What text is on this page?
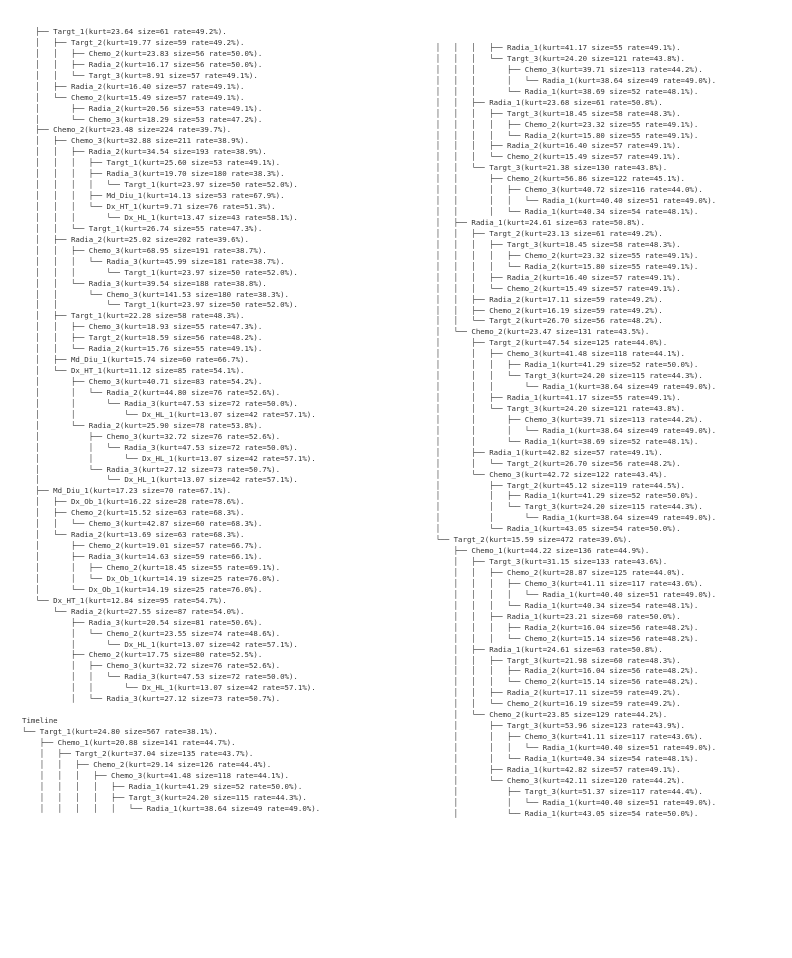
├── Targt_1(kurt=23.64 size=61 rate=49.2%).
│   ├── Targt_2(kurt=19.77 size=59 rate=49.2%).
│   │   ├── Chemo_2(kurt=23.83 size=56 rate=50.0%).
│   │   ├── Radia_2(kurt=16.17 size=56 rate=50.0%).
│   │   └── Targt_3(kurt=8.91 size=57 rate=49.1%).
│   ├── Radia_2(kurt=16.40 size=57 rate=49.1%).
│   └── Chemo_2(kurt=15.49 size=57 rate=49.1%).
│       ├── Radia_2(kurt=20.56 size=53 rate=49.1%).
│       └── Chemo_3(kurt=18.29 size=53 rate=47.2%).
├── Chemo_2(kurt=23.48 size=224 rate=39.7%).
│   ├── Chemo_3(kurt=32.88 size=211 rate=38.9%).
│   │   ├── Radia_2(kurt=34.54 size=193 rate=38.9%).
│   │   │   ├── Targt_1(kurt=25.60 size=53 rate=49.1%).
│   │   │   ├── Radia_3(kurt=19.70 size=180 rate=38.3%).
│   │   │   │   └── Targt_1(kurt=23.97 size=50 rate=52.0%).
│   │   │   ├── Md_Diu_1(kurt=14.13 size=53 rate=67.9%).
│   │   │   └── Dx_HT_1(kurt=9.71 size=76 rate=51.3%).
│   │   │       └── Dx_HL_1(kurt=13.47 size=43 rate=58.1%).
│   │   └── Targt_1(kurt=26.74 size=55 rate=47.3%).
│   ├── Radia_2(kurt=25.02 size=202 rate=39.6%).
│   │   ├── Chemo_3(kurt=68.95 size=191 rate=38.7%).
│   │   │   └── Radia_3(kurt=45.99 size=181 rate=38.7%).
│   │   │       └── Targt_1(kurt=23.97 size=50 rate=52.0%).
│   │   └── Radia_3(kurt=39.54 size=188 rate=38.8%).
│   │       └── Chemo_3(kurt=141.53 size=180 rate=38.3%).
│   │           └── Targt_1(kurt=23.97 size=50 rate=52.0%).
│   ├── Targt_1(kurt=22.28 size=58 rate=48.3%).
│   │   ├── Chemo_3(kurt=18.93 size=55 rate=47.3%).
│   │   ├── Targt_2(kurt=18.59 size=56 rate=48.2%).
│   │   └── Radia_2(kurt=15.76 size=55 rate=49.1%).
│   ├── Md_Diu_1(kurt=15.74 size=60 rate=66.7%).
│   └── Dx_HT_1(kurt=11.12 size=85 rate=54.1%).
│       ├── Chemo_3(kurt=40.71 size=83 rate=54.2%).
│       │   └── Radia_2(kurt=44.80 size=76 rate=52.6%).
│       │       └── Radia_3(kurt=47.53 size=72 rate=50.0%).
│       │           └── Dx_HL_1(kurt=13.07 size=42 rate=57.1%).
│       └── Radia_2(kurt=25.90 size=78 rate=53.8%).
│           ├── Chemo_3(kurt=32.72 size=76 rate=52.6%).
│           │   └── Radia_3(kurt=47.53 size=72 rate=50.0%).
│           │       └── Dx_HL_1(kurt=13.07 size=42 rate=57.1%).
│           └── Radia_3(kurt=27.12 size=73 rate=50.7%).
│               └── Dx_HL_1(kurt=13.07 size=42 rate=57.1%).
├── Md_Diu_1(kurt=17.23 size=70 rate=67.1%).
│   ├── Dx_Ob_1(kurt=16.22 size=28 rate=78.6%).
│   ├── Chemo_2(kurt=15.52 size=63 rate=68.3%).
│   │   └── Chemo_3(kurt=42.87 size=60 rate=68.3%).
│   └── Radia_2(kurt=13.69 size=63 rate=68.3%).
│       ├── Chemo_2(kurt=19.01 size=57 rate=66.7%).
│       ├── Radia_3(kurt=14.63 size=59 rate=66.1%).
│       │   ├── Chemo_2(kurt=18.45 size=55 rate=69.1%).
│       │   └── Dx_Ob_1(kurt=14.19 size=25 rate=76.0%).
│       └── Dx_Ob_1(kurt=14.19 size=25 rate=76.0%).
└── Dx_HT_1(kurt=12.84 size=95 rate=54.7%).
└── Radia_2(kurt=27.55 size=87 rate=54.0%).
├── Radia_3(kurt=20.54 size=81 rate=50.6%).
│   └── Chemo_2(kurt=23.55 size=74 rate=48.6%).
│       └── Dx_HL_1(kurt=13.07 size=42 rate=57.1%).
├── Chemo_2(kurt=17.75 size=80 rate=52.5%).
│   ├── Chemo_3(kurt=32.72 size=76 rate=52.6%).
│   │   └── Radia_3(kurt=47.53 size=72 rate=50.0%).
│   │       └── Dx_HL_1(kurt=13.07 size=42 rate=57.1%).
│   └── Radia_3(kurt=27.12 size=73 rate=50.7%).
Timeline
└── Targt_1(kurt=24.80 size=567 rate=38.1%).
├── Chemo_1(kurt=20.88 size=141 rate=44.7%).
│   ├── Targt_2(kurt=37.04 size=135 rate=43.7%).
│   │   ├── Chemo_2(kurt=29.14 size=126 rate=44.4%).
│   │   │   ├── Chemo_3(kurt=41.48 size=118 rate=44.1%).
│   │   │   │   ├── Radia_1(kurt=41.29 size=52 rate=50.0%).
│   │   │   │   ├── Targt_3(kurt=24.20 size=115 rate=44.3%).
│   │   │   │   │   └── Radia_1(kurt=38.64 size=49 rate=49.0%).
│   │   │   ├── Radia_1(kurt=41.17 size=55 rate=49.1%).
│   │   │   └── Targt_3(kurt=24.20 size=121 rate=43.8%).
│   │   │       ├── Chemo_3(kurt=39.71 size=113 rate=44.2%).
│   │   │       │   └── Radia_1(kurt=38.64 size=49 rate=49.0%).
│   │   │       └── Radia_1(kurt=38.69 size=52 rate=48.1%).
│   │   ├── Radia_1(kurt=23.68 size=61 rate=50.8%).
│   │   │   ├── Targt_3(kurt=18.45 size=58 rate=48.3%).
│   │   │   │   ├── Chemo_2(kurt=23.32 size=55 rate=49.1%).
│   │   │   │   └── Radia_2(kurt=15.80 size=55 rate=49.1%).
│   │   │   ├── Radia_2(kurt=16.40 size=57 rate=49.1%).
│   │   │   └── Chemo_2(kurt=15.49 size=57 rate=49.1%).
│   │   └── Targt_3(kurt=21.38 size=130 rate=43.8%).
│   │       ├── Chemo_2(kurt=56.86 size=122 rate=45.1%).
│   │       │   ├── Chemo_3(kurt=40.72 size=116 rate=44.0%).
│   │       │   │   └── Radia_1(kurt=40.40 size=51 rate=49.0%).
│   │       │   └── Radia_1(kurt=40.34 size=54 rate=48.1%).
│   ├── Radia_1(kurt=24.61 size=63 rate=50.8%).
│   │   ├── Targt_2(kurt=23.13 size=61 rate=49.2%).
│   │   │   ├── Targt_3(kurt=18.45 size=58 rate=48.3%).
│   │   │   │   ├── Chemo_2(kurt=23.32 size=55 rate=49.1%).
│   │   │   │   └── Radia_2(kurt=15.80 size=55 rate=49.1%).
│   │   │   ├── Radia_2(kurt=16.40 size=57 rate=49.1%).
│   │   │   └── Chemo_2(kurt=15.49 size=57 rate=49.1%).
│   │   ├── Radia_2(kurt=17.11 size=59 rate=49.2%).
│   │   ├── Chemo_2(kurt=16.19 size=59 rate=49.2%).
│   │   └── Targt_2(kurt=26.70 size=56 rate=48.2%).
│   └── Chemo_2(kurt=23.47 size=131 rate=43.5%).
│       ├── Targt_2(kurt=47.54 size=125 rate=44.0%).
│       │   ├── Chemo_3(kurt=41.48 size=118 rate=44.1%).
│       │   │   ├── Radia_1(kurt=41.29 size=52 rate=50.0%).
│       │   │   └── Targt_3(kurt=24.20 size=115 rate=44.3%).
│       │   │       └── Radia_1(kurt=38.64 size=49 rate=49.0%).
│       │   ├── Radia_1(kurt=41.17 size=55 rate=49.1%).
│       │   └── Targt_3(kurt=24.20 size=121 rate=43.8%).
│       │       ├── Chemo_3(kurt=39.71 size=113 rate=44.2%).
│       │       │   └── Radia_1(kurt=38.64 size=49 rate=49.0%).
│       │       └── Radia_1(kurt=38.69 size=52 rate=48.1%).
│       ├── Radia_1(kurt=42.82 size=57 rate=49.1%).
│       │   └── Targt_2(kurt=26.70 size=56 rate=48.2%).
│       └── Chemo_3(kurt=42.72 size=122 rate=43.4%).
│           ├── Targt_2(kurt=45.12 size=119 rate=44.5%).
│           │   ├── Radia_1(kurt=41.29 size=52 rate=50.0%).
│           │   └── Targt_3(kurt=24.20 size=115 rate=44.3%).
│           │       └── Radia_1(kurt=38.64 size=49 rate=49.0%).
│           └── Radia_1(kurt=43.05 size=54 rate=50.0%).
└── Targt_2(kurt=15.59 size=472 rate=39.6%).
├── Chemo_1(kurt=44.22 size=136 rate=44.9%).
│   ├── Targt_3(kurt=31.15 size=133 rate=43.6%).
│   │   ├── Chemo_2(kurt=28.87 size=125 rate=44.0%).
│   │   │   ├── Chemo_3(kurt=41.11 size=117 rate=43.6%).
│   │   │   │   └── Radia_1(kurt=40.40 size=51 rate=49.0%).
│   │   │   └── Radia_1(kurt=40.34 size=54 rate=48.1%).
│   │   ├── Radia_1(kurt=23.21 size=60 rate=50.0%).
│   │   │   ├── Radia_2(kurt=16.04 size=56 rate=48.2%).
│   │   │   └── Chemo_2(kurt=15.14 size=56 rate=48.2%).
│   ├── Radia_1(kurt=24.61 size=63 rate=50.8%).
│   │   ├── Targt_3(kurt=21.98 size=60 rate=48.3%).
│   │   │   ├── Radia_2(kurt=16.04 size=56 rate=48.2%).
│   │   │   └── Chemo_2(kurt=15.14 size=56 rate=48.2%).
│   │   ├── Radia_2(kurt=17.11 size=59 rate=49.2%).
│   │   └── Chemo_2(kurt=16.19 size=59 rate=49.2%).
│   └── Chemo_2(kurt=23.85 size=129 rate=44.2%).
│       ├── Targt_3(kurt=53.96 size=123 rate=43.9%).
│       │   ├── Chemo_3(kurt=41.11 size=117 rate=43.6%).
│       │   │   └── Radia_1(kurt=40.40 size=51 rate=49.0%).
│       │   └── Radia_1(kurt=40.34 size=54 rate=48.1%).
│       ├── Radia_1(kurt=42.82 size=57 rate=49.1%).
│       └── Chemo_3(kurt=42.11 size=120 rate=44.2%).
│           ├── Targt_3(kurt=51.37 size=117 rate=44.4%).
│           │   └── Radia_1(kurt=40.40 size=51 rate=49.0%).
│           └── Radia_1(kurt=43.05 size=54 rate=50.0%).
